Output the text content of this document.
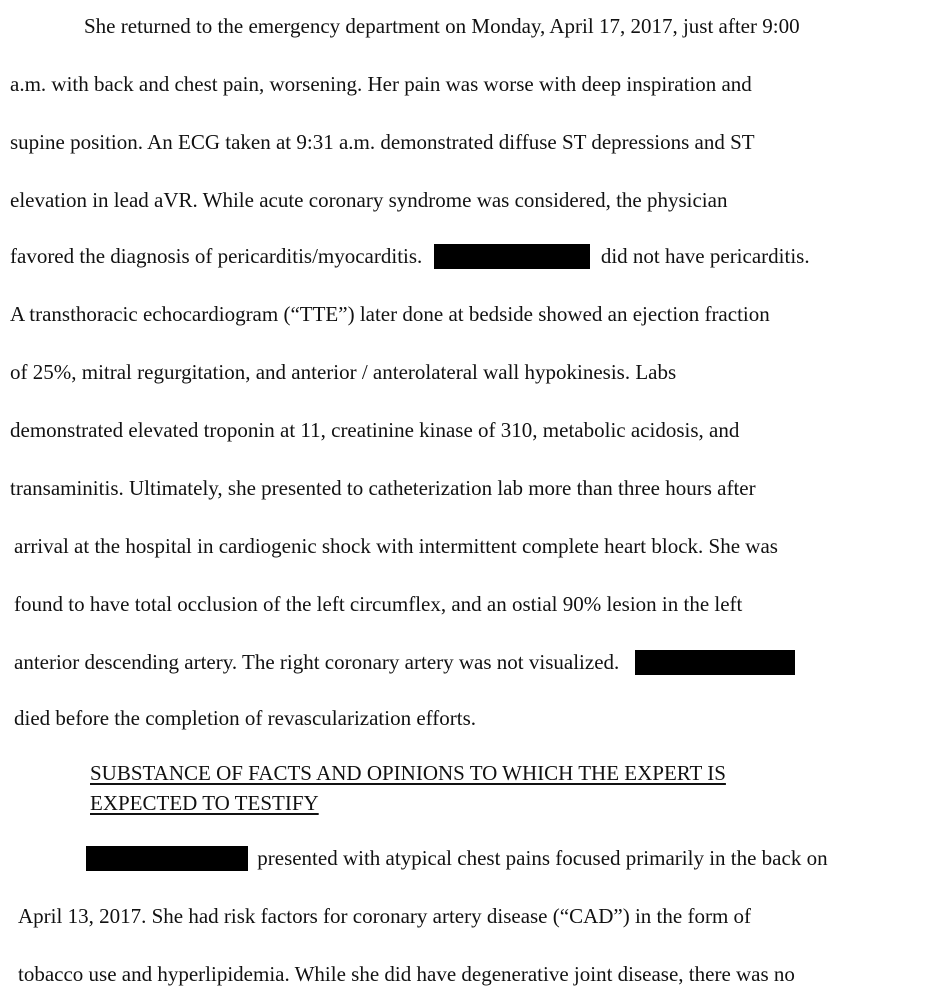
She returned to the emergency department on Monday, April 17, 2017, just after 9:00
a.m. with back and chest pain, worsening. Her pain was worse with deep inspiration and
supine position. An ECG taken at 9:31 a.m. demonstrated diffuse ST depressions and ST
elevation in lead aVR. While acute coronary syndrome was considered, the physician
favored the diagnosis of pericarditis/myocarditis.	did not have pericarditis.
A transthoracic echocardiogram (“TTE”) later done at bedside showed an ejection fraction
of 25%, mitral regurgitation, and anterior / anterolateral wall hypokinesis. Labs
demonstrated elevated troponin at 11, creatinine kinase of 310, metabolic acidosis, and
transaminitis. Ultimately, she presented to catheterization lab more than three hours after
arrival at the hospital in cardiogenic shock with intermittent complete heart block. She was
found to have total occlusion of the left circumflex, and an ostial 90% lesion in the left
anterior descending artery. The right coronary artery was not visualized.
died before the completion of revascularization efforts.
SUBSTANCE OF FACTS AND OPINIONS TO WHICH THE EXPERT IS
EXPECTED TO TESTIFY
presented with atypical chest pains focused primarily in the back on
April 13, 2017. She had risk factors for coronary artery disease (“CAD”) in the form of
tobacco use and hyperlipidemia. While she did have degenerative joint disease, there was no
